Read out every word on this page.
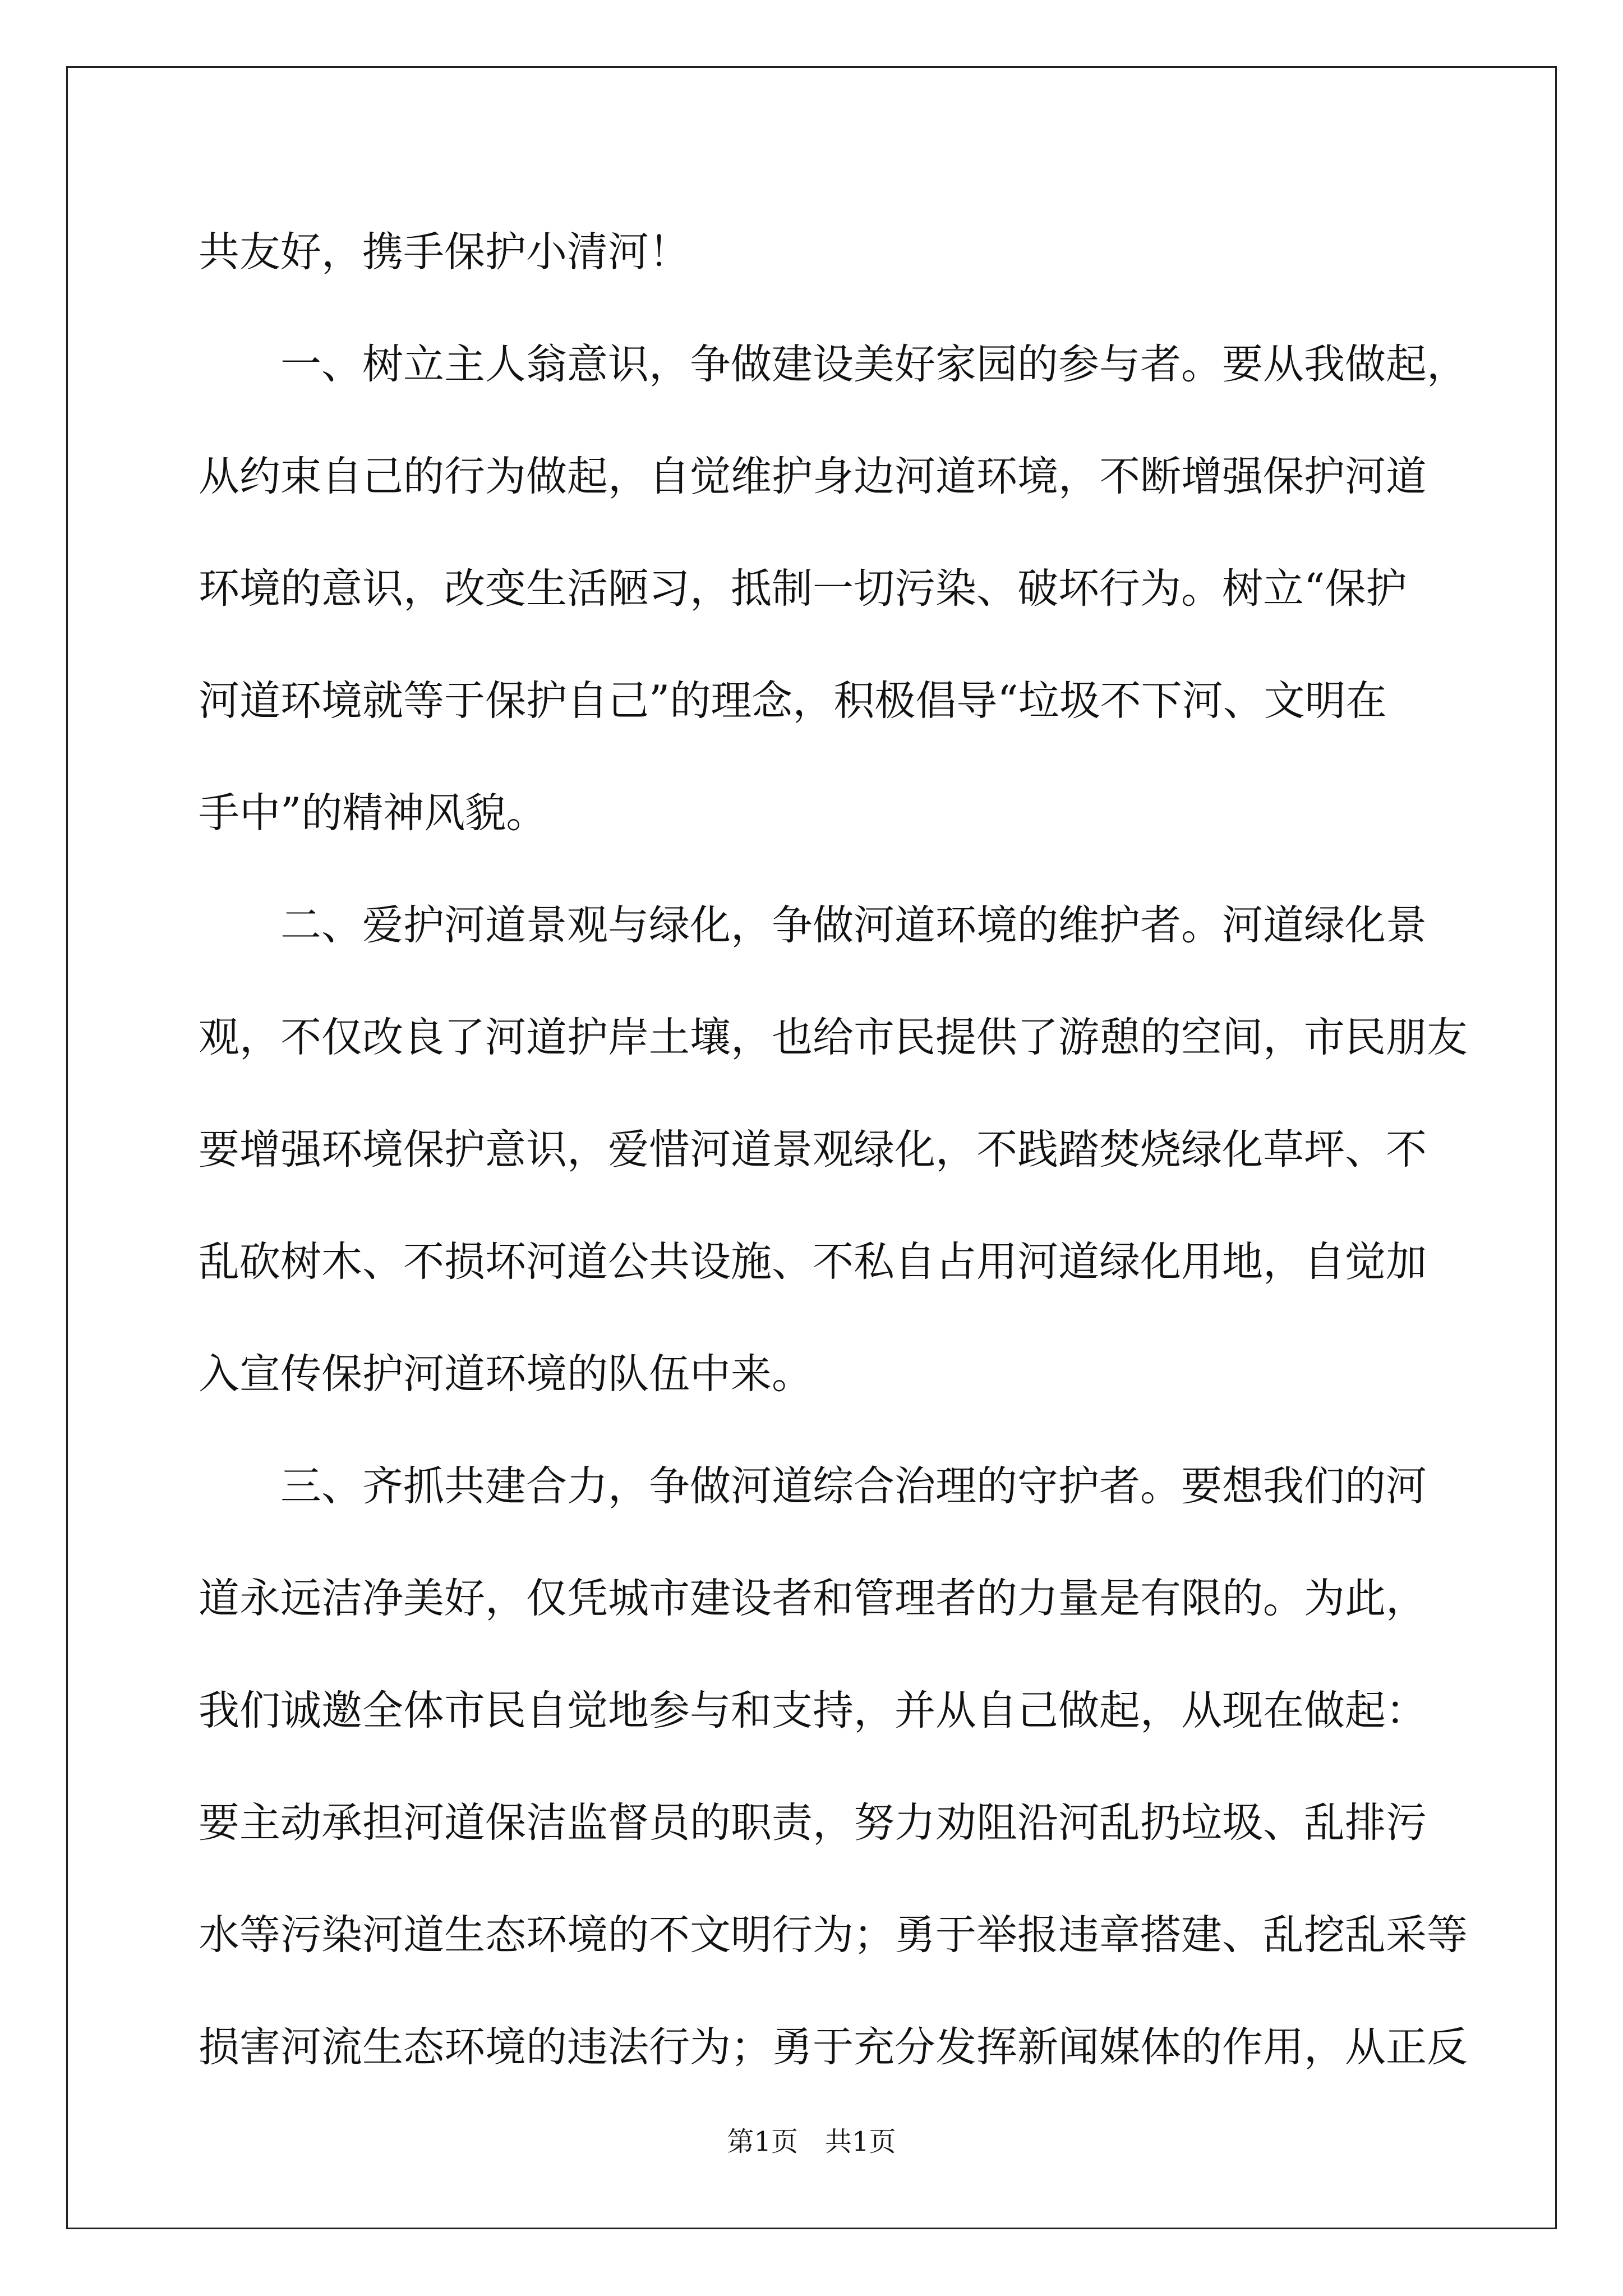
共友好，携手保护小清河！
一、树立主人翁意识，争做建设美好家园的参与者。要从我做起，
从约束自己的行为做起，自觉维护身边河道环境，不断增强保护河道
环境的意识，改变生活陋习，抵制一切污染、破坏行为。树立“保护
河道环境就等于保护自己”的理念，积极倡导“垃圾不下河、文明在
手中”的精神风貌。
二、爱护河道景观与绿化，争做河道环境的维护者。河道绿化景
观，不仅改良了河道护岸土壤，也给市民提供了游憩的空间，市民朋友
要增强环境保护意识，爱惜河道景观绿化，不践踏焚烧绿化草坪、不
乱砍树木、不损坏河道公共设施、不私自占用河道绿化用地，自觉加
入宣传保护河道环境的队伍中来。
三、齐抓共建合力，争做河道综合治理的守护者。要想我们的河
道永远洁净美好，仅凭城市建设者和管理者的力量是有限的。为此，
我们诚邀全体市民自觉地参与和支持，并从自己做起，从现在做起：
要主动承担河道保洁监督员的职责，努力劝阻沿河乱扔垃圾、乱排污
水等污染河道生态环境的不文明行为；勇于举报违章搭建、乱挖乱采等
损害河流生态环境的违法行为；勇于充分发挥新闻媒体的作用，从正反
第1页　共1页
